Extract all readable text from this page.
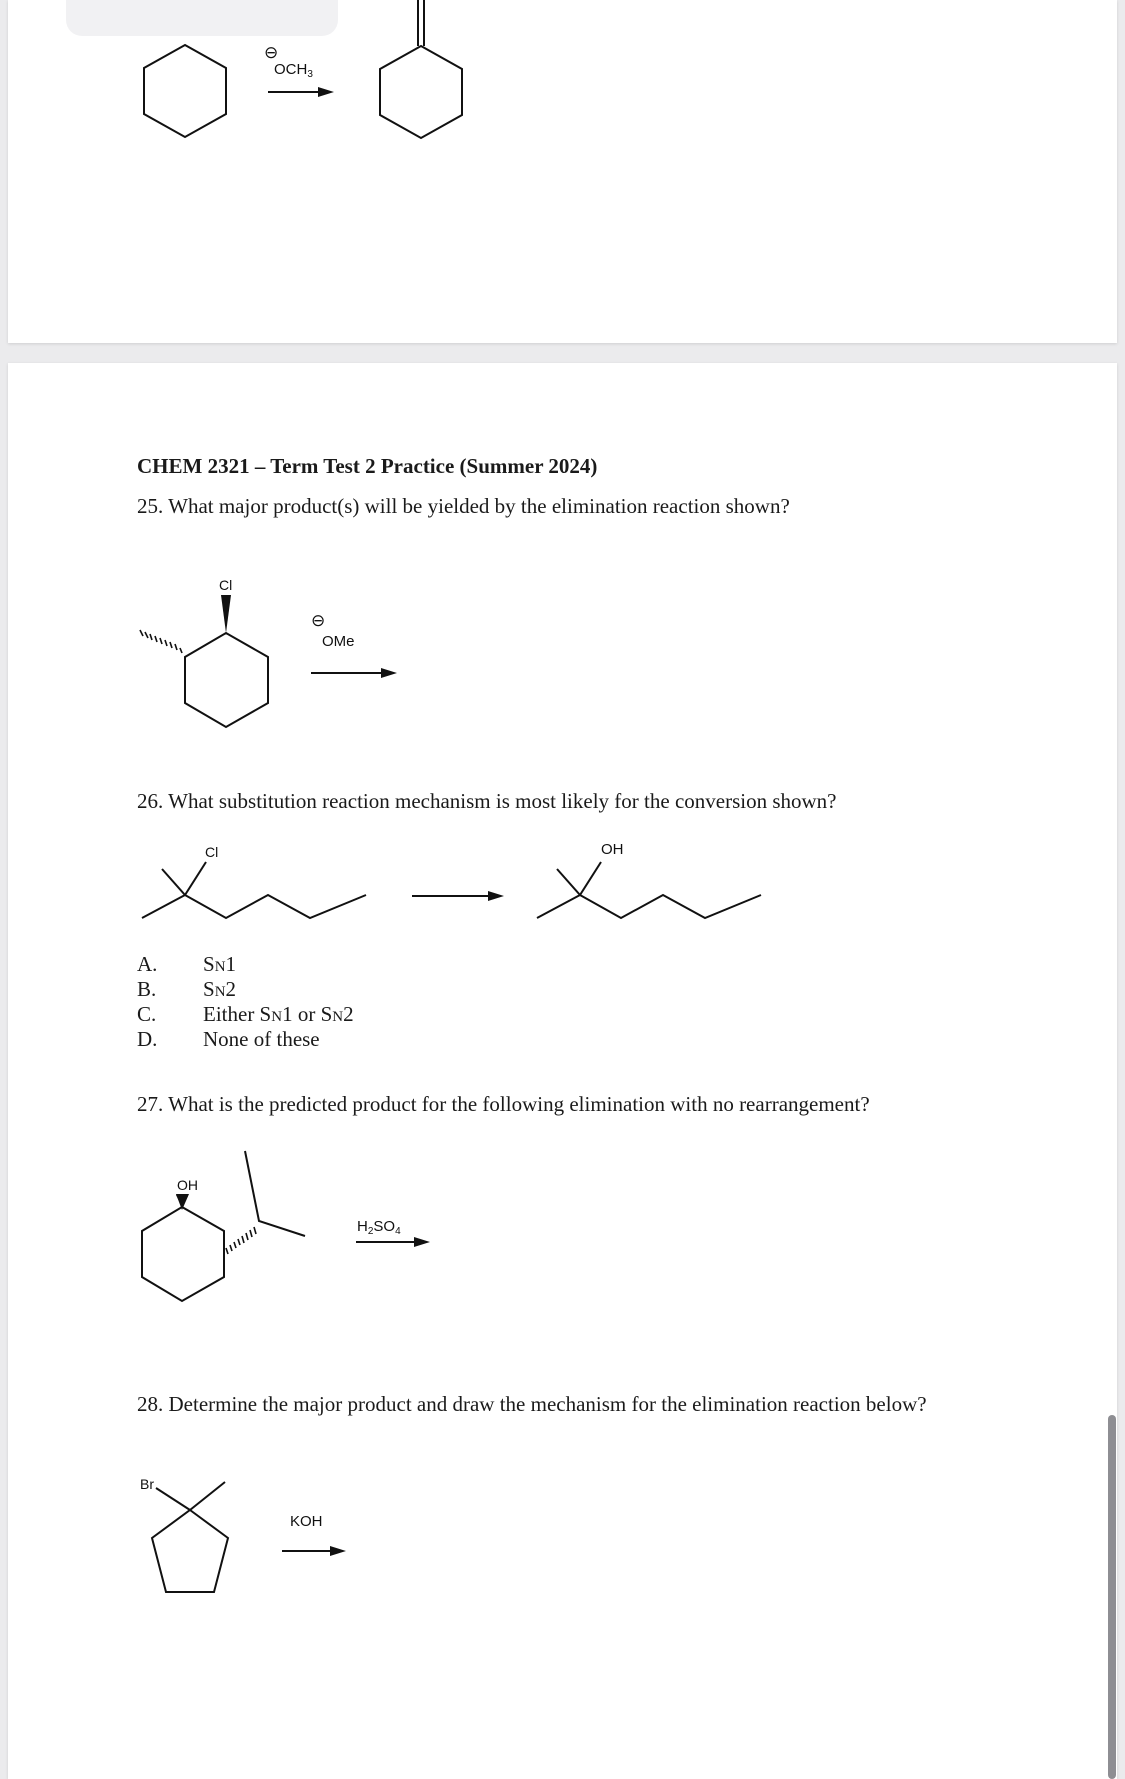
⊖
$OCH_3$

CHEM 2321 – Term Test 2 Practice (Summer 2024)

25. What major product(s) will be yielded by the elimination reaction shown?

Cl
⊖
OMe
Cl	OH
OH
$H_2SO_4$
Br
KOH

26. What substitution reaction mechanism is most likely for the conversion shown?

A. SN1
B. SN2
C. Either SN1 or SN2
D. None of these

27. What is the predicted product for the following elimination with no rearrangement?

28. Determine the major product and draw the mechanism for the elimination reaction below?
